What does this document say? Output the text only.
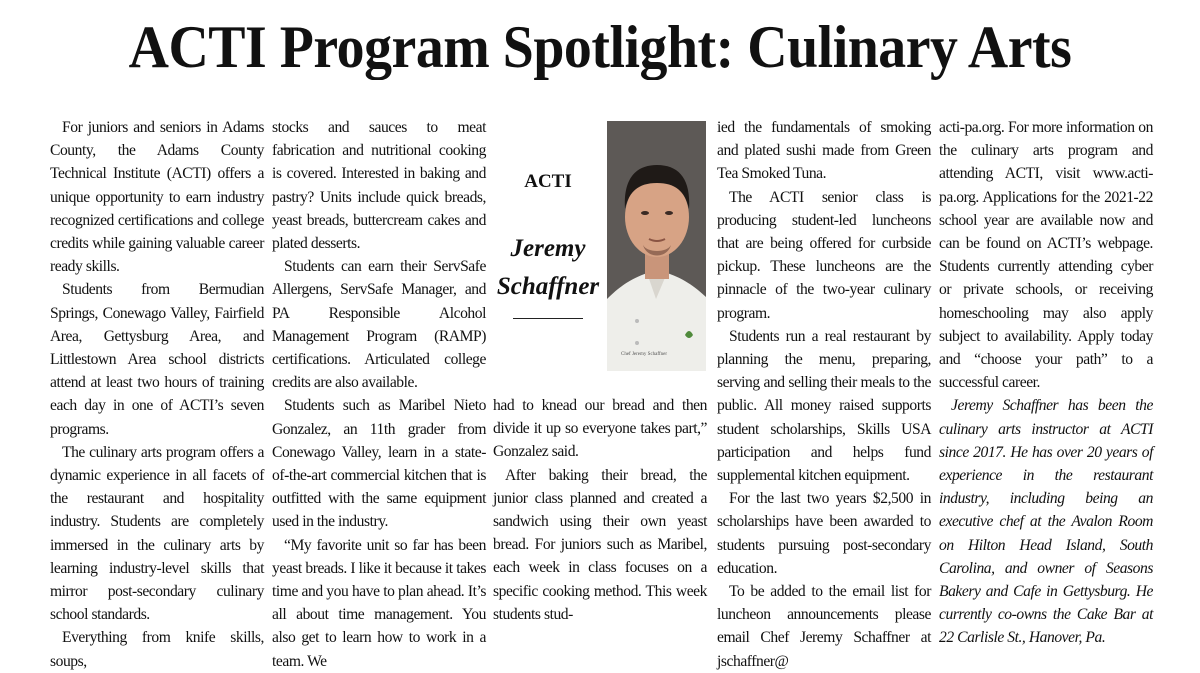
ACTI Program Spotlight: Culinary Arts

For juniors and seniors in Adams County, the Adams County Technical Institute (ACTI) offers a unique opportunity to earn industry recognized certifications and college credits while gaining valuable career ready skills.

Students from Bermudian Springs, Conewago Valley, Fairfield Area, Gettysburg Area, and Littlestown Area school districts attend at least two hours of training each day in one of ACTI’s seven programs.

The culinary arts program offers a dynamic experience in all facets of the restaurant and hospitality industry. Students are completely immersed in the culinary arts by learning industry-level skills that mirror post-secondary culinary school standards.

Everything from knife skills, soups,

stocks and sauces to meat fabrication and nutritional cooking is covered. Interested in baking and pastry? Units include quick breads, yeast breads, buttercream cakes and plated desserts.

Students can earn their ServSafe Allergens, ServSafe Manager, and PA Responsible Alcohol Management Program (RAMP) certifications. Articulated college credits are also available.

Students such as Maribel Nieto Gonzalez, an 11th grader from Conewago Valley, learn in a state-of-the-art commercial kitchen that is outfitted with the same equipment used in the industry.

“My favorite unit so far has been yeast breads. I like it because it takes time and you have to plan ahead. It’s all about time management. You also get to learn how to work in a team. We

ACTI
Jeremy
Schaffner
Chef Jeremy Schaffner

had to knead our bread and then divide it up so everyone takes part,” Gonzalez said.

After baking their bread, the junior class planned and created a sandwich using their own yeast bread. For juniors such as Maribel, each week in class focuses on a specific cooking method. This week students stud-

ied the fundamentals of smoking and plated sushi made from Green Tea Smoked Tuna.

The ACTI senior class is producing student-led luncheons that are being offered for curbside pickup. These luncheons are the pinnacle of the two-year culinary program.

Students run a real restaurant by planning the menu, preparing, serving and selling their meals to the public. All money raised supports student scholarships, Skills USA participation and helps fund supplemental kitchen equipment.

For the last two years $2,500 in scholarships have been awarded to students pursuing post-secondary education.

To be added to the email list for luncheon announcements please email Chef Jeremy Schaffner at jschaffner@

acti-pa.org. For more information on the culinary arts program and attending ACTI, visit www.acti-pa.org. Applications for the 2021-22 school year are available now and can be found on ACTI’s webpage. Students currently attending cyber or private schools, or receiving homeschooling may also apply subject to availability. Apply today and “choose your path” to a successful career.

Jeremy Schaffner has been the culinary arts instructor at ACTI since 2017. He has over 20 years of experience in the restaurant industry, including being an executive chef at the Avalon Room on Hilton Head Island, South Carolina, and owner of Seasons Bakery and Cafe in Gettysburg. He currently co-owns the Cake Bar at 22 Carlisle St., Hanover, Pa.
